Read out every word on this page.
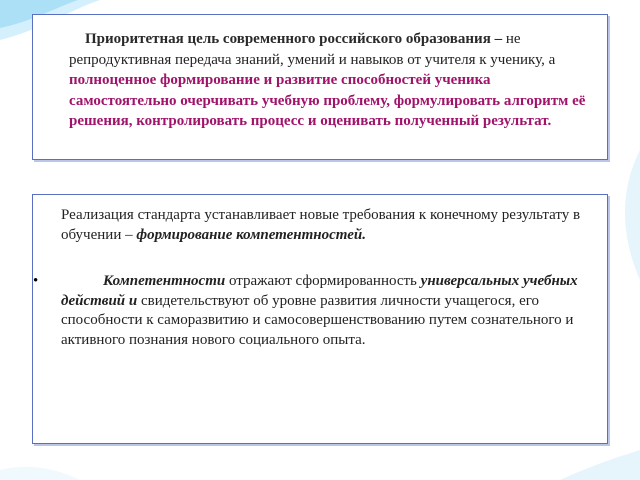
Приоритетная цель современного российского образования – не репродуктивная передача знаний, умений и навыков от учителя к ученику, а полноценное формирование и развитие способностей ученика самостоятельно очерчивать учебную проблему, формулировать алгоритм её решения, контролировать процесс и оценивать полученный результат.

Реализация стандарта устанавливает новые требования к конечному результату в обучении – формирование компетентностей.

•	Компетентности отражают сформированность универсальных учебных действий и свидетельствуют об уровне развития личности учащегося, его способности к саморазвитию и самосовершенствованию путем сознательного и активного познания нового социального опыта.
